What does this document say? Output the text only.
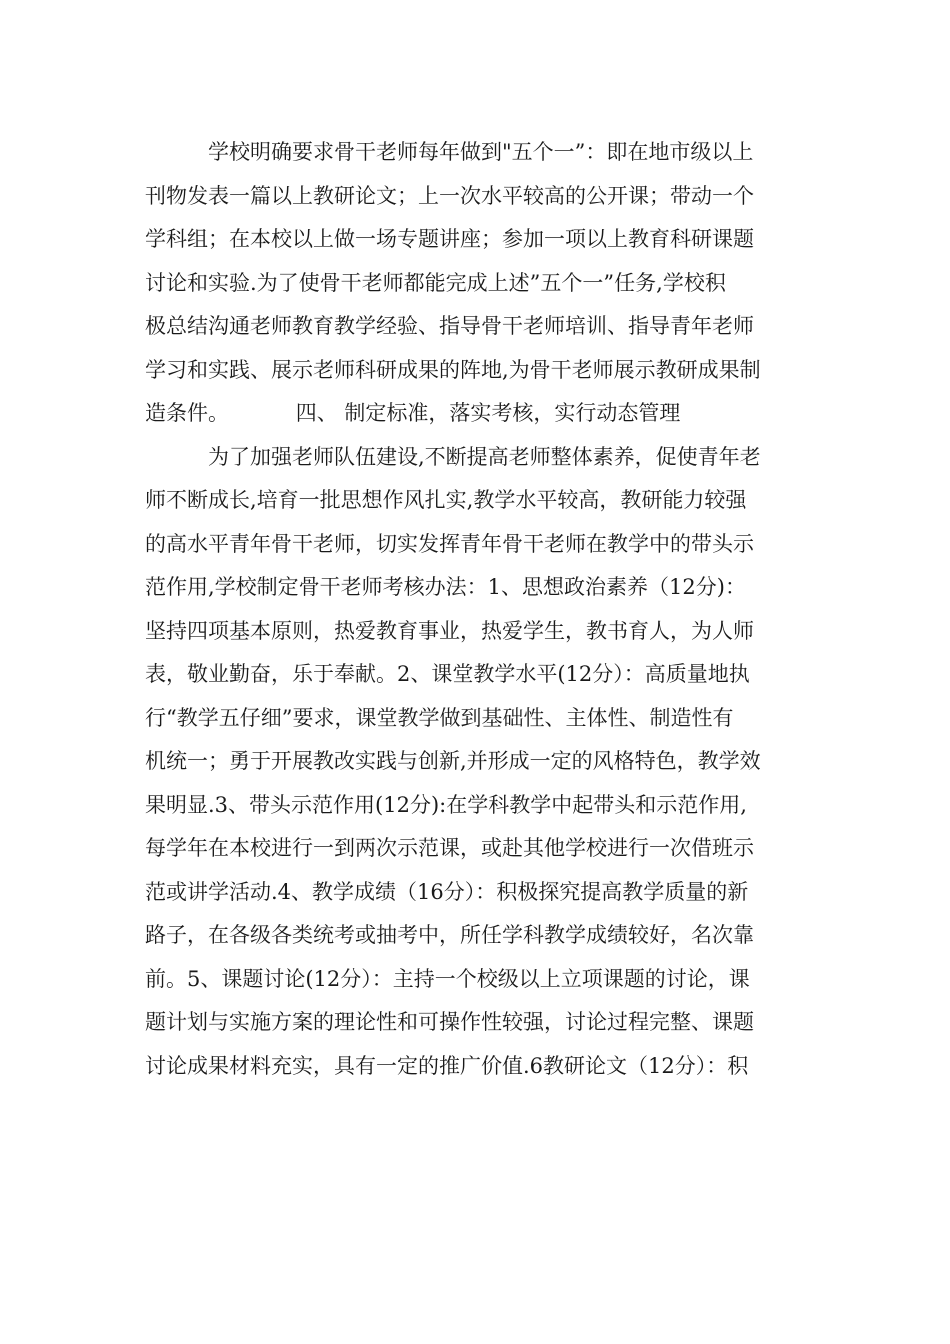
学校明确要求骨干老师每年做到"五个一”：即在地市级以上
刊物发表一篇以上教研论文；上一次水平较高的公开课；带动一个
学科组；在本校以上做一场专题讲座；参加一项以上教育科研课题
讨论和实验.为了使骨干老师都能完成上述”五个一”任务,学校积
极总结沟通老师教育教学经验、指导骨干老师培训、指导青年老师
学习和实践、展示老师科研成果的阵地,为骨干老师展示教研成果制
造条件。          四、 制定标准，落实考核，实行动态管理
为了加强老师队伍建设,不断提高老师整体素养，促使青年老
师不断成长,培育一批思想作风扎实,教学水平较高，教研能力较强
的高水平青年骨干老师，切实发挥青年骨干老师在教学中的带头示
范作用,学校制定骨干老师考核办法：1、思想政治素养（12分)：
坚持四项基本原则，热爱教育事业，热爱学生，教书育人，为人师
表，敬业勤奋，乐于奉献。2、课堂教学水平(12分）：高质量地执
行“教学五仔细”要求，课堂教学做到基础性、主体性、制造性有
机统一；勇于开展教改实践与创新,并形成一定的风格特色，教学效
果明显.3、带头示范作用(12分):在学科教学中起带头和示范作用,
每学年在本校进行一到两次示范课，或赴其他学校进行一次借班示
范或讲学活动.4、教学成绩（16分）：积极探究提高教学质量的新
路子，在各级各类统考或抽考中，所任学科教学成绩较好，名次靠
前。5、课题讨论(12分）：主持一个校级以上立项课题的讨论，课
题计划与实施方案的理论性和可操作性较强，讨论过程完整、课题
讨论成果材料充实，具有一定的推广价值.6教研论文（12分）：积
